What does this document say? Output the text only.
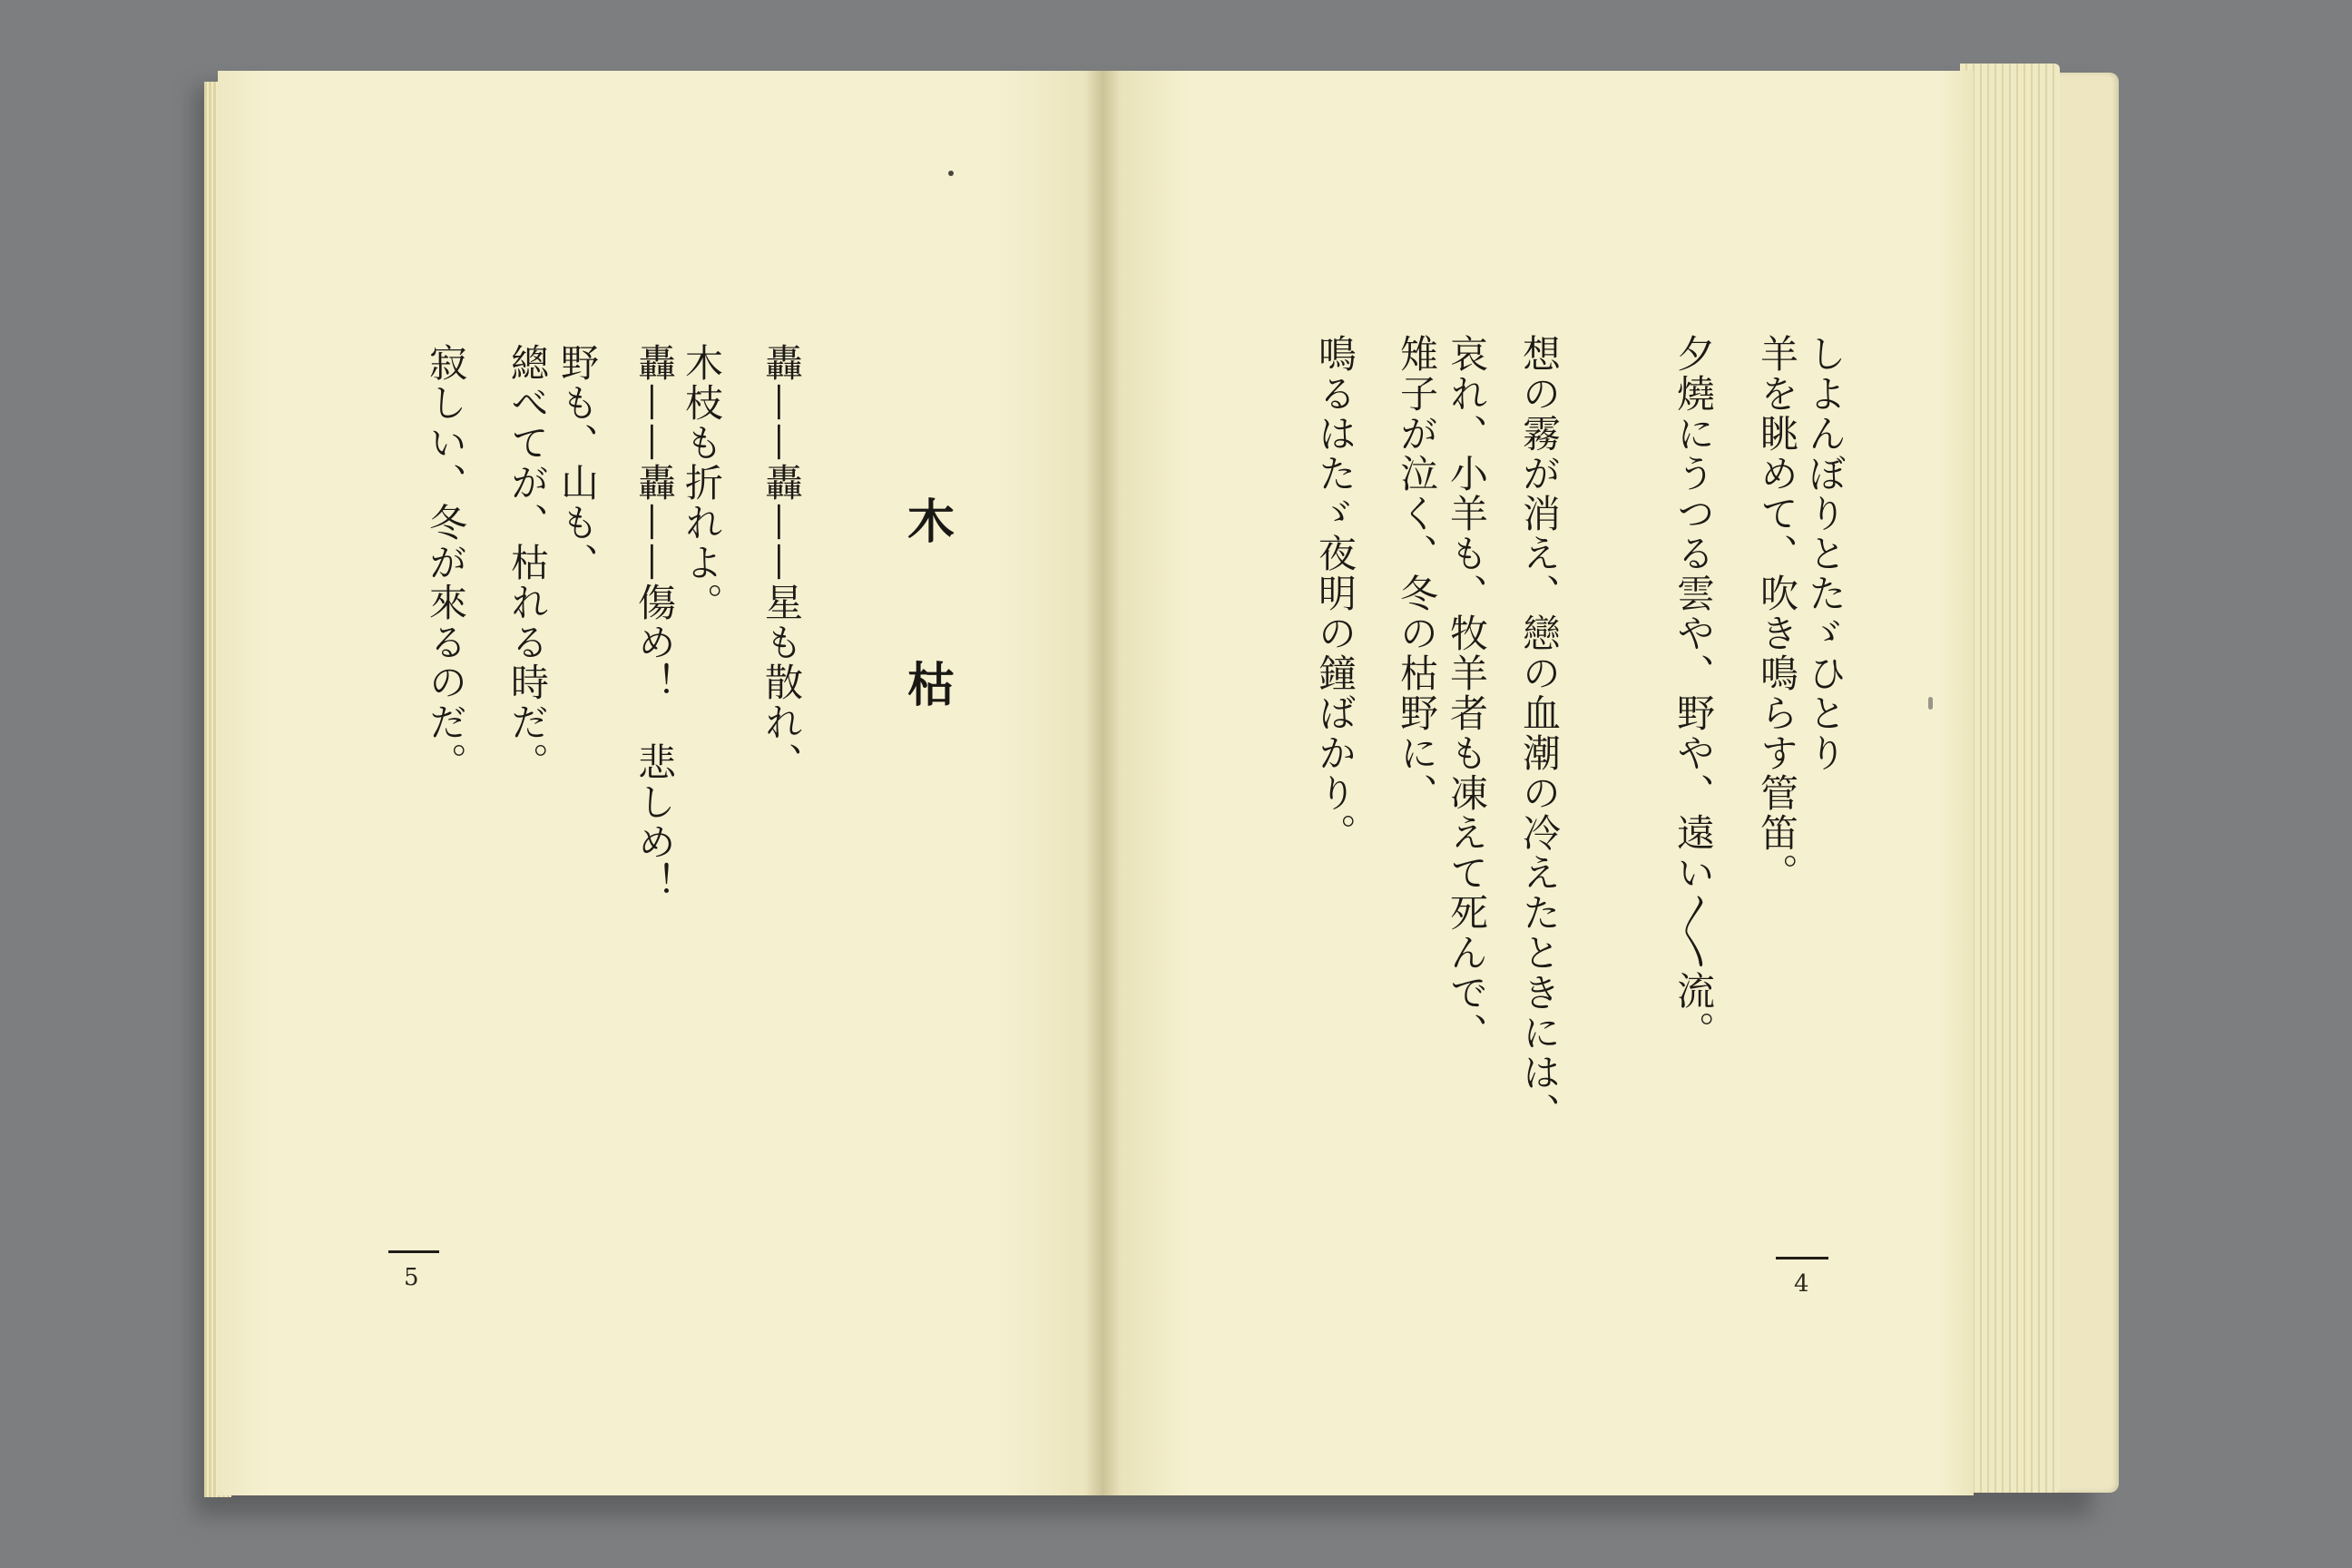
木
枯
轟——轟——星も散れ、
木枝も折れよ。
轟——轟——傷め！　悲しめ！
野も、山も、
總べてが、枯れる時だ。
寂しい、冬が來るのだ。
5
しよんぼりとたゞひとり
羊を眺めて、吹き鳴らす管笛。
夕燒にうつる雲や、野や、遠い〳〵流。
想の霧が消え、戀の血潮の冷えたときには、
哀れ、小羊も、牧羊者も凍えて死んで、
雉子が泣く、冬の枯野に、
鳴るはたゞ夜明の鐘ばかり。
4
